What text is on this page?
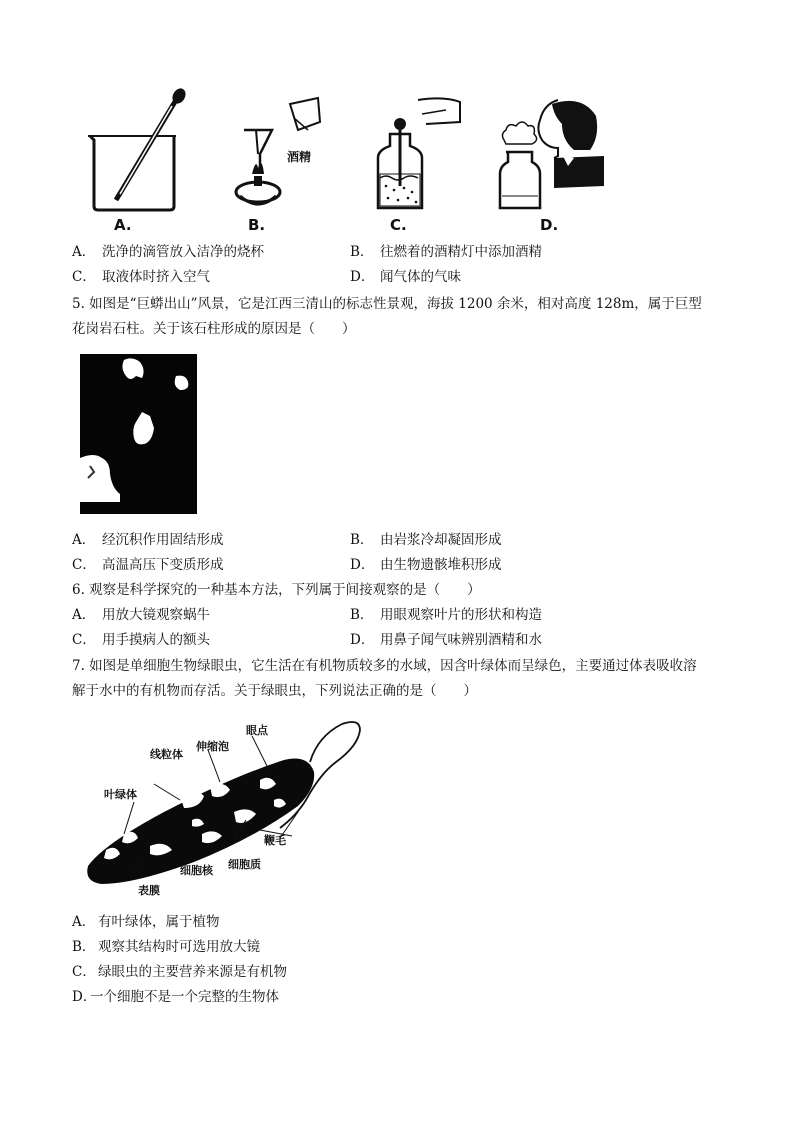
A.
酒精
B.	C.	D.
A． 洗净的滴管放入洁净的烧杯	B． 往燃着的酒精灯中添加酒精
C． 取液体时挤入空气	D． 闻气体的气味
5. 如图是“巨蟒出山”风景，它是江西三清山的标志性景观，海拔 1200 余米，相对高度 128m，属于巨型
花岗岩石柱。关于该石柱形成的原因是（　　）
A． 经沉积作用固结形成	B． 由岩浆冷却凝固形成
C． 高温高压下变质形成	D． 由生物遗骸堆积形成
6. 观察是科学探究的一种基本方法，下列属于间接观察的是（　　）
A． 用放大镜观察蜗牛	B． 用眼观察叶片的形状和构造
C． 用手摸病人的额头	D． 用鼻子闻气味辨别酒精和水
7. 如图是单细胞生物绿眼虫，它生活在有机物质较多的水域，因含叶绿体而呈绿色，主要通过体表吸收溶
解于水中的有机物而存活。关于绿眼虫，下列说法正确的是（　　）
眼点
伸缩泡
线粒体
叶绿体
鞭毛
细胞质
细胞核
表膜
A． 有叶绿体，属于植物
B． 观察其结构时可选用放大镜
C． 绿眼虫的主要营养来源是有机物
D．一个细胞不是一个完整的生物体
